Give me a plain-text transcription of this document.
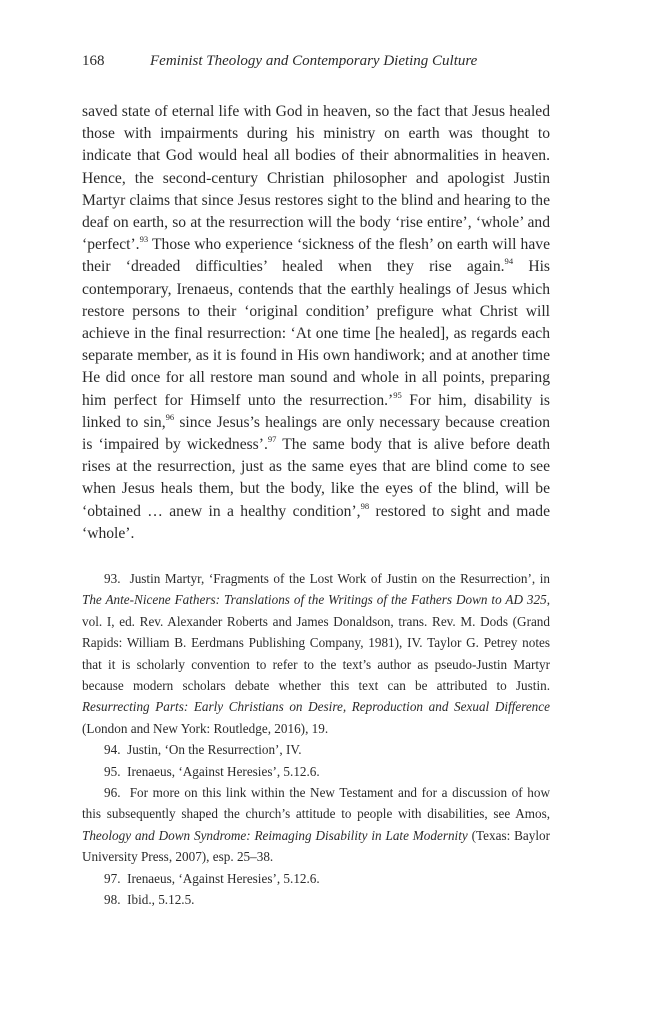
168	Feminist Theology and Contemporary Dieting Culture

saved state of eternal life with God in heaven, so the fact that Jesus healed those with impairments during his ministry on earth was thought to indicate that God would heal all bodies of their abnormalities in heaven. Hence, the second-century Christian philosopher and apologist Justin Martyr claims that since Jesus restores sight to the blind and hearing to the deaf on earth, so at the resurrection will the body ‘rise entire’, ‘whole’ and ‘perfect’.$^{93}$ Those who experience ‘sickness of the flesh’ on earth will have their ‘dreaded difficulties’ healed when they rise again.$^{94}$ His contemporary, Irenaeus, contends that the earthly healings of Jesus which restore persons to their ‘original condition’ prefigure what Christ will achieve in the final resurrection: ‘At one time [he healed], as regards each separate member, as it is found in His own handiwork; and at another time He did once for all restore man sound and whole in all points, preparing him perfect for Himself unto the resurrection.’$^{95}$ For him, disability is linked to sin,$^{96}$ since Jesus’s healings are only necessary because creation is ‘impaired by wickedness’.$^{97}$ The same body that is alive before death rises at the resurrection, just as the same eyes that are blind come to see when Jesus heals them, but the body, like the eyes of the blind, will be ‘obtained … anew in a healthy condition’,$^{98}$ restored to sight and made ‘whole’.

93.  Justin Martyr, ‘Fragments of the Lost Work of Justin on the Resurrection’, in The Ante-Nicene Fathers: Translations of the Writings of the Fathers Down to AD 325, vol. I, ed. Rev. Alexander Roberts and James Donaldson, trans. Rev. M. Dods (Grand Rapids: William B. Eerdmans Publishing Company, 1981), IV. Taylor G. Petrey notes that it is scholarly convention to refer to the text’s author as pseudo-Justin Martyr because modern scholars debate whether this text can be attributed to Justin. Resurrecting Parts: Early Christians on Desire, Reproduction and Sexual Difference (London and New York: Routledge, 2016), 19.

94.  Justin, ‘On the Resurrection’, IV.

95.  Irenaeus, ‘Against Heresies’, 5.12.6.

96.  For more on this link within the New Testament and for a discussion of how this subsequently shaped the church’s attitude to people with disabilities, see Amos, Theology and Down Syndrome: Reimaging Disability in Late Modernity (Texas: Baylor University Press, 2007), esp. 25–38.

97.  Irenaeus, ‘Against Heresies’, 5.12.6.

98.  Ibid., 5.12.5.
